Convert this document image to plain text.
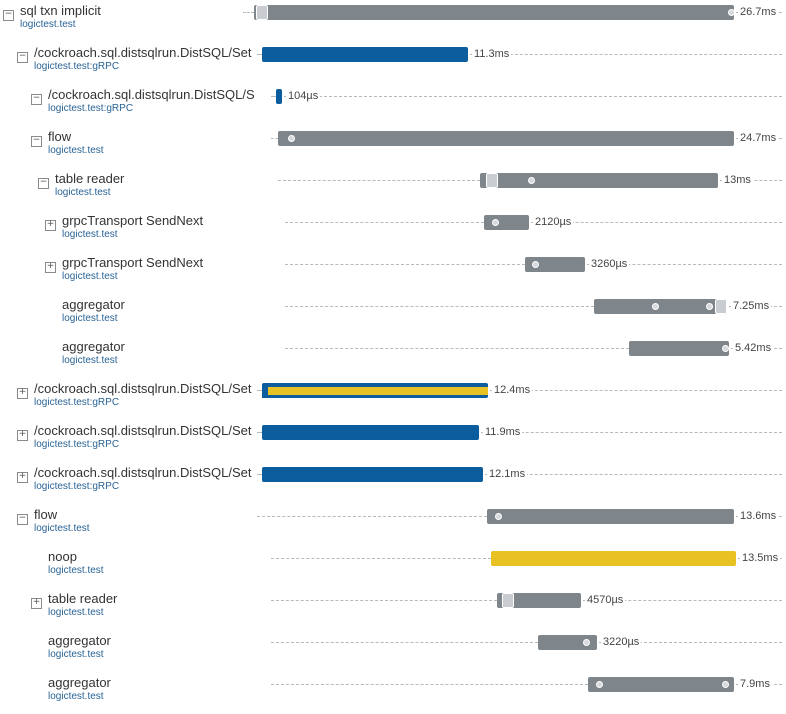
− sql txn implicit
logictest.test
26.7ms
− /cockroach.sql.distsqlrun.DistSQL/Set
logictest.test:gRPC
11.3ms
− /cockroach.sql.distsqlrun.DistSQL/S
logictest.test:gRPC
104µs
− flow
logictest.test
24.7ms
− table reader
logictest.test
13ms
+ grpcTransport SendNext
logictest.test
2120µs
+ grpcTransport SendNext
logictest.test
3260µs
aggregator
logictest.test
7.25ms
aggregator
logictest.test
5.42ms
+ /cockroach.sql.distsqlrun.DistSQL/Set
logictest.test:gRPC
12.4ms
+ /cockroach.sql.distsqlrun.DistSQL/Set
logictest.test:gRPC
11.9ms
+ /cockroach.sql.distsqlrun.DistSQL/Set
logictest.test:gRPC
12.1ms
− flow
logictest.test
13.6ms
noop
logictest.test
13.5ms
+ table reader
logictest.test
4570µs
aggregator
logictest.test
3220µs
aggregator
logictest.test
7.9ms
